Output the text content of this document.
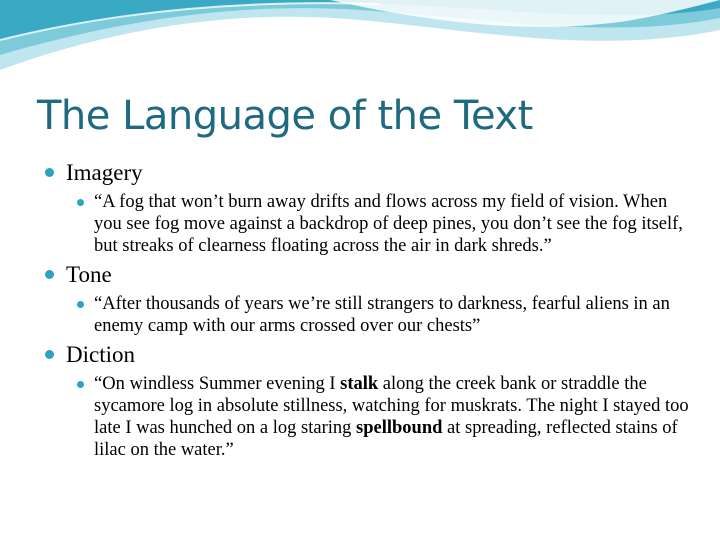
The Language of the Text
Imagery
“A fog that won’t burn away drifts and flows across my field of vision. When you see fog move against a backdrop of deep pines, you don’t see the fog itself, but streaks of clearness floating across the air in dark shreds.”
Tone
“After thousands of years we’re still strangers to darkness, fearful aliens in an enemy camp with our arms crossed over our chests”
Diction
“On windless Summer evening I stalk along the creek bank or straddle the sycamore log in absolute stillness, watching for muskrats. The night I stayed too late I was hunched on a log staring spellbound at spreading, reflected stains of lilac on the water.”
